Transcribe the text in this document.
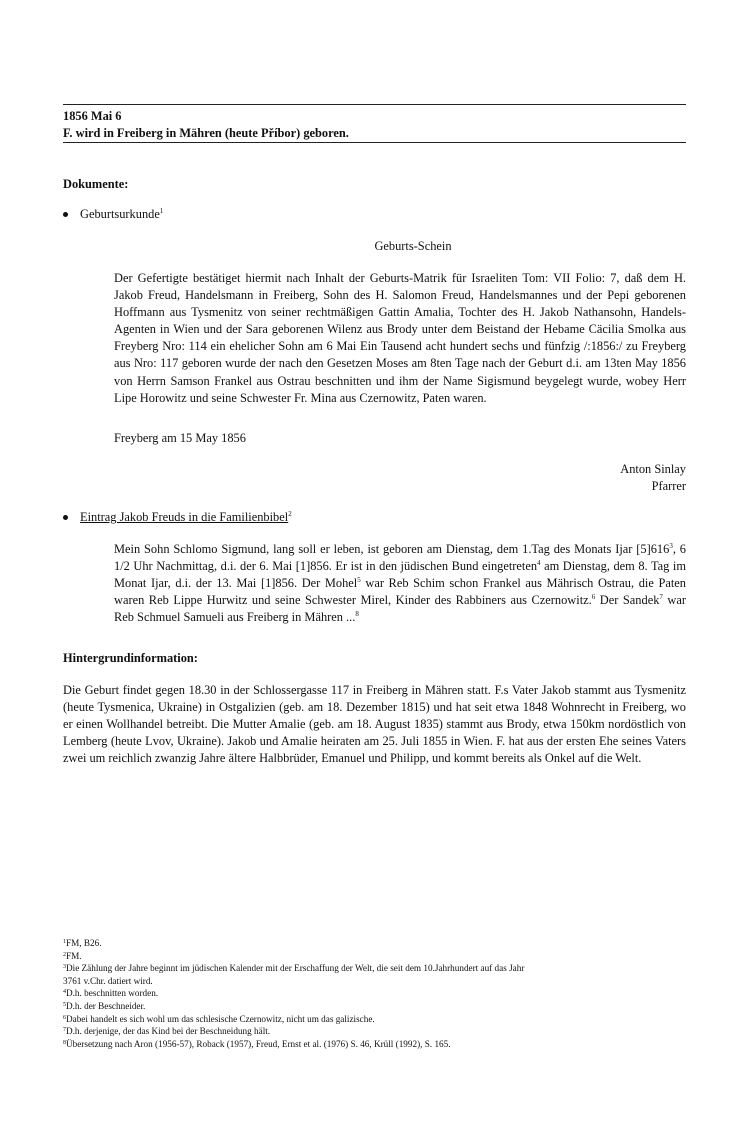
1856 Mai 6
F. wird in Freiberg in Mähren (heute Příbor) geboren.
Dokumente:
Geburtsurkunde$^1$
Geburts-Schein

Der Gefertigte bestätiget hiermit nach Inhalt der Geburts-Matrik für Israeliten Tom: VII Folio: 7, daß dem H. Jakob Freud, Handelsmann in Freiberg, Sohn des H. Salomon Freud, Handelsmannes und der Pepi geborenen Hoffmann aus Tysmenitz von seiner rechtmäßigen Gattin Amalia, Tochter des H. Jakob Nathansohn, Handels-Agenten in Wien und der Sara geborenen Wilenz aus Brody unter dem Beistand der Hebame Cäcilia Smolka aus Freyberg Nro: 114 ein ehelicher Sohn am 6 Mai Ein Tausend acht hundert sechs und fünfzig /:1856:/ zu Freyberg aus Nro: 117 geboren wurde der nach den Gesetzen Moses am 8ten Tage nach der Geburt d.i. am 13ten May 1856 von Herrn Samson Frankel aus Ostrau beschnitten und ihm der Name Sigismund beygelegt wurde, wobey Herr Lipe Horowitz und seine Schwester Fr. Mina aus Czernowitz, Paten waren.

Freyberg am 15 May 1856
Anton Sinlay
Pfarrer
Eintrag Jakob Freuds in die Familienbibel$^2$

Mein Sohn Schlomo Sigmund, lang soll er leben, ist geboren am Dienstag, dem 1.Tag des Monats Ijar $[5]616^3$, 6 1/2 Uhr Nachmittag, d.i. der 6. Mai [1]856. Er ist in den jüdischen Bund eingetreten$^4$ am Dienstag, dem 8. Tag im Monat Ijar, d.i. der 13. Mai [1]856. Der Mohel$^5$ war Reb Schim schon Frankel aus Mährisch Ostrau, die Paten waren Reb Lippe Hurwitz und seine Schwester Mirel, Kinder des Rabbiners aus Czernowitz.$^6$ Der Sandek$^7$ war Reb Schmuel Samueli aus Freiberg in Mähren ...$^8$

Hintergrundinformation:
Die Geburt findet gegen 18.30 in der Schlossergasse 117 in Freiberg in Mähren statt. F.s Vater Jakob stammt aus Tysmenitz (heute Tysmenica, Ukraine) in Ostgalizien (geb. am 18. Dezember 1815) und hat seit etwa 1848 Wohnrecht in Freiberg, wo er einen Wollhandel betreibt. Die Mutter Amalie (geb. am 18. August 1835) stammt aus Brody, etwa 150km nordöstlich von Lemberg (heute Lvov, Ukraine). Jakob und Amalie heiraten am 25. Juli 1855 in Wien. F. hat aus der ersten Ehe seines Vaters zwei um reichlich zwanzig Jahre ältere Halbbrüder, Emanuel und Philipp, und kommt bereits als Onkel auf die Welt.
$^1$FM, B26.
$^2$FM.
$^3$Die Zählung der Jahre beginnt im jüdischen Kalender mit der Erschaffung der Welt, die seit dem 10.Jahrhundert auf das Jahr
3761 v.Chr. datiert wird.
$^4$D.h. beschnitten worden.
$^5$D.h. der Beschneider.
$^6$Dabei handelt es sich wohl um das schlesische Czernowitz, nicht um das galizische.
$^7$D.h. derjenige, der das Kind bei der Beschneidung hält.
$^8$Übersetzung nach Aron (1956-57), Roback (1957), Freud, Ernst et al. (1976) S. 46, Krüll (1992), S. 165.
